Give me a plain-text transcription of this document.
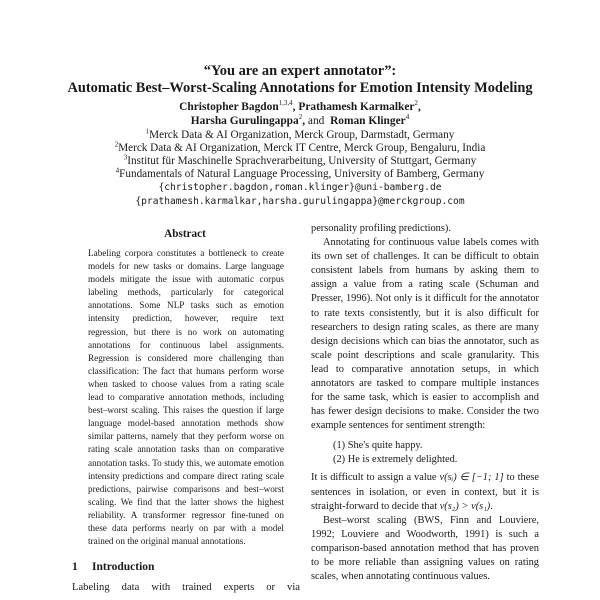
“You are an expert annotator”:
Automatic Best–Worst-Scaling Annotations for Emotion Intensity Modeling
Christopher Bagdon$^{1,3,4}$, Prathamesh Karmalker$^2$,
Harsha Gurulingappa$^2$, and Roman Klinger$^4$
$^1$Merck Data & AI Organization, Merck Group, Darmstadt, Germany
$^2$Merck Data & AI Organization, Merck IT Centre, Merck Group, Bengaluru, India
$^3$Institut für Maschinelle Sprachverarbeitung, University of Stuttgart, Germany
$^4$Fundamentals of Natural Language Processing, University of Bamberg, Germany
{christopher.bagdon,roman.klinger}@uni-bamberg.de
{prathamesh.karmalkar,harsha.gurulingappa}@merckgroup.com
Abstract

Labeling corpora constitutes a bottleneck to create models for new tasks or domains. Large language models mitigate the issue with automatic corpus labeling methods, particularly for categorical annotations. Some NLP tasks such as emotion intensity prediction, however, require text regression, but there is no work on automating annotations for continuous label assignments. Regression is considered more challenging than classification: The fact that humans perform worse when tasked to choose values from a rating scale lead to comparative annotation methods, including best–worst scaling. This raises the question if large language model-based annotation methods show similar patterns, namely that they perform worse on rating scale annotation tasks than on comparative annotation tasks. To study this, we automate emotion intensity predictions and compare direct rating scale predictions, pairwise comparisons and best–worst scaling. We find that the latter shows the highest reliability. A transformer regressor fine-tuned on these data performs nearly on par with a model trained on the original manual annotations.

1 Introduction
Labeling data with trained experts or via

personality profiling predictions).

Annotating for continuous value labels comes with its own set of challenges. It can be difficult to obtain consistent labels from humans by asking them to assign a value from a rating scale (Schuman and Presser, 1996). Not only is it difficult for the annotator to rate texts consistently, but it is also difficult for researchers to design rating scales, as there are many design decisions which can bias the annotator, such as scale point descriptions and scale granularity. This lead to comparative annotation setups, in which annotators are tasked to compare multiple instances for the same task, which is easier to accomplish and has fewer design decisions to make. Consider the two example sentences for sentiment strength:

(1) She's quite happy.
(2) He is extremely delighted.

It is difficult to assign a value v(sᵢ) ∈ [−1; 1] to these sentences in isolation, or even in context, but it is straight-forward to decide that v(s₂) > v(s₁).

Best–worst scaling (BWS, Finn and Louviere, 1992; Louviere and Woodworth, 1991) is such a comparison-based annotation method that has proven to be more reliable than assigning values on rating scales, when annotating continuous values.
